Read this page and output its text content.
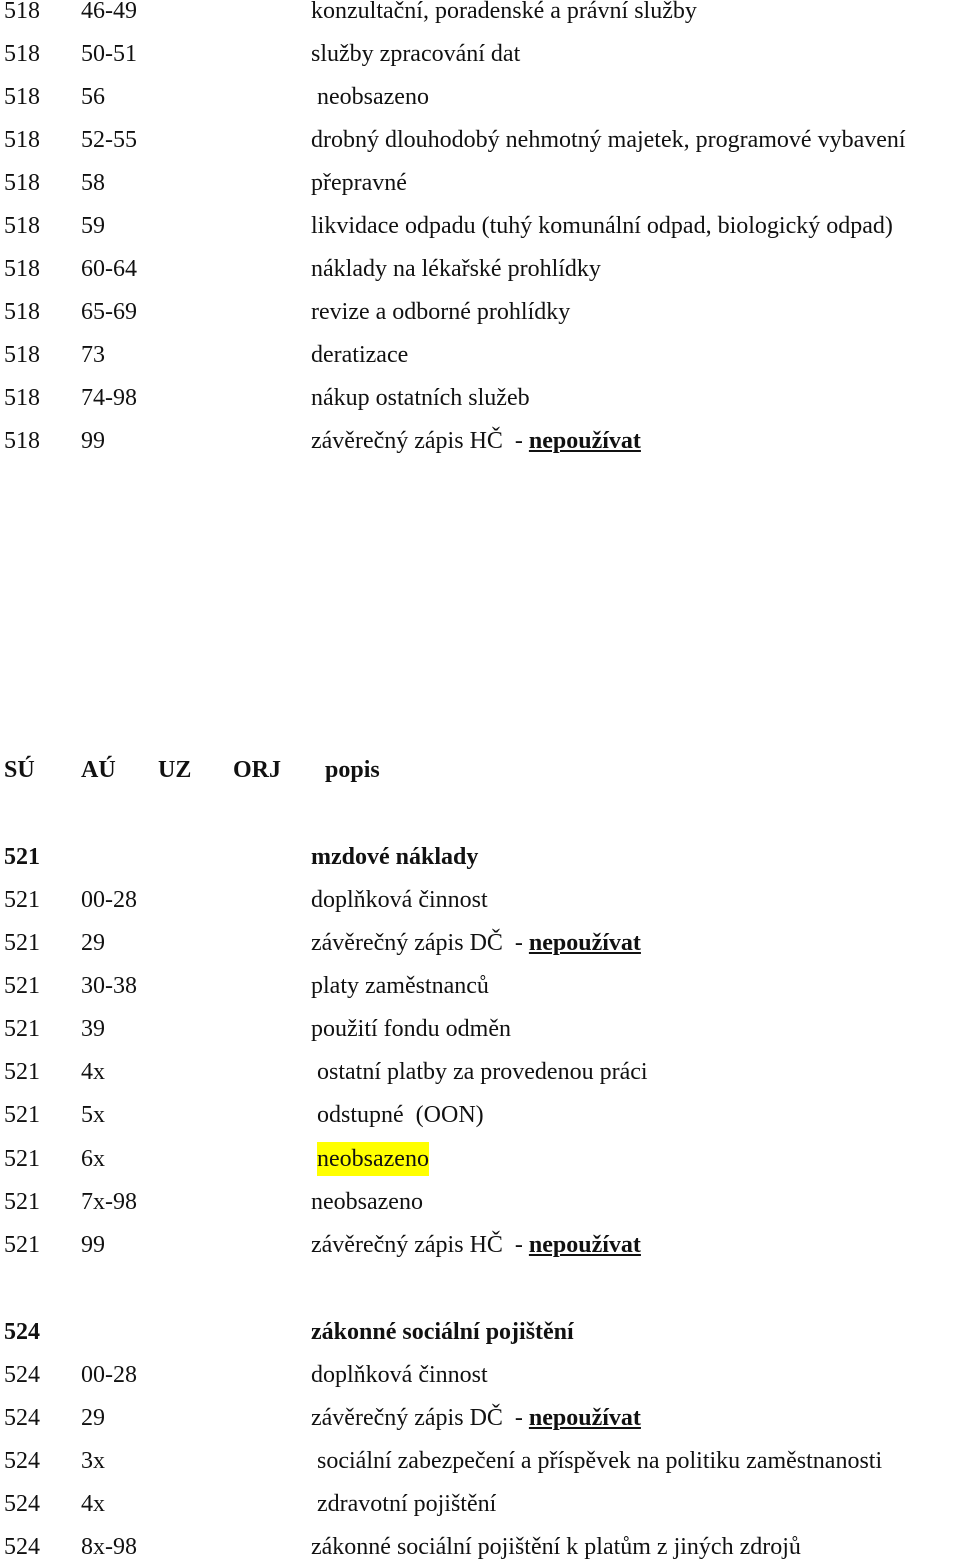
518 46-49	konzultační, poradenské a právní služby
518 50-51	služby zpracování dat
518 56	neobsazeno
518 52-55	drobný dlouhodobý nehmotný majetek, programové vybavení
518 58	přepravné
518 59	likvidace odpadu (tuhý komunální odpad, biologický odpad)
518 60-64	náklady na lékařské prohlídky
518 65-69	revize a odborné prohlídky
518 73	deratizace
518 74-98	nákup ostatních služeb
518 99	závěrečný zápis HČ  - nepoužívat
SÚ AÚ UZ ORJ popis
521	mzdové náklady
521 00-28	doplňková činnost
521 29	závěrečný zápis DČ  - nepoužívat
521 30-38	platy zaměstnanců
521 39	použití fondu odměn
521 4x	ostatní platby za provedenou práci
521 5x	odstupné  (OON)
521 6x	neobsazeno
521 7x-98	neobsazeno
521 99	závěrečný zápis HČ  - nepoužívat
524	zákonné sociální pojištění
524 00-28	doplňková činnost
524 29	závěrečný zápis DČ  - nepoužívat
524 3x	sociální zabezpečení a příspěvek na politiku zaměstnanosti
524 4x	zdravotní pojištění
524 8x-98	zákonné sociální pojištění k platům z jiných zdrojů
